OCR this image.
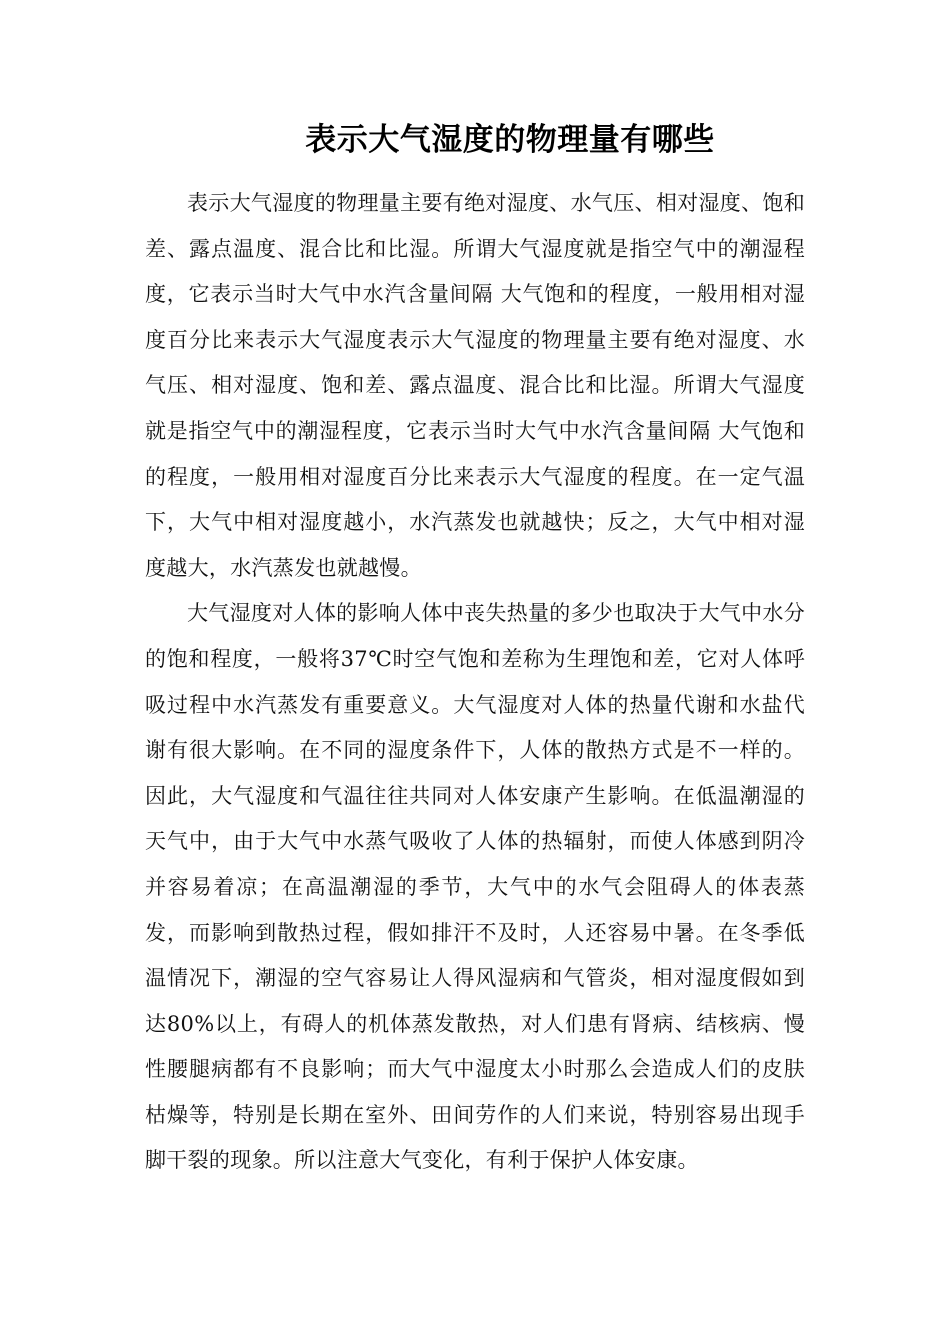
表示大气湿度的物理量有哪些

表示大气湿度的物理量主要有绝对湿度、水气压、相对湿度、饱和差、露点温度、混合比和比湿。所谓大气湿度就是指空气中的潮湿程度，它表示当时大气中水汽含量间隔 大气饱和的程度，一般用相对湿度百分比来表示大气湿度表示大气湿度的物理量主要有绝对湿度、水气压、相对湿度、饱和差、露点温度、混合比和比湿。所谓大气湿度就是指空气中的潮湿程度，它表示当时大气中水汽含量间隔 大气饱和的程度，一般用相对湿度百分比来表示大气湿度的程度。在一定气温下，大气中相对湿度越小，水汽蒸发也就越快；反之，大气中相对湿度越大，水汽蒸发也就越慢。

大气湿度对人体的影响人体中丧失热量的多少也取决于大气中水分的饱和程度，一般将37℃时空气饱和差称为生理饱和差，它对人体呼吸过程中水汽蒸发有重要意义。大气湿度对人体的热量代谢和水盐代谢有很大影响。在不同的湿度条件下，人体的散热方式是不一样的。因此，大气湿度和气温往往共同对人体安康产生影响。在低温潮湿的天气中，由于大气中水蒸气吸收了人体的热辐射，而使人体感到阴冷并容易着凉；在高温潮湿的季节，大气中的水气会阻碍人的体表蒸发，而影响到散热过程，假如排汗不及时，人还容易中暑。在冬季低温情况下，潮湿的空气容易让人得风湿病和气管炎，相对湿度假如到达80%以上，有碍人的机体蒸发散热，对人们患有肾病、结核病、慢性腰腿病都有不良影响；而大气中湿度太小时那么会造成人们的皮肤枯燥等，特别是长期在室外、田间劳作的人们来说，特别容易出现手脚干裂的现象。所以注意大气变化，有利于保护人体安康。
